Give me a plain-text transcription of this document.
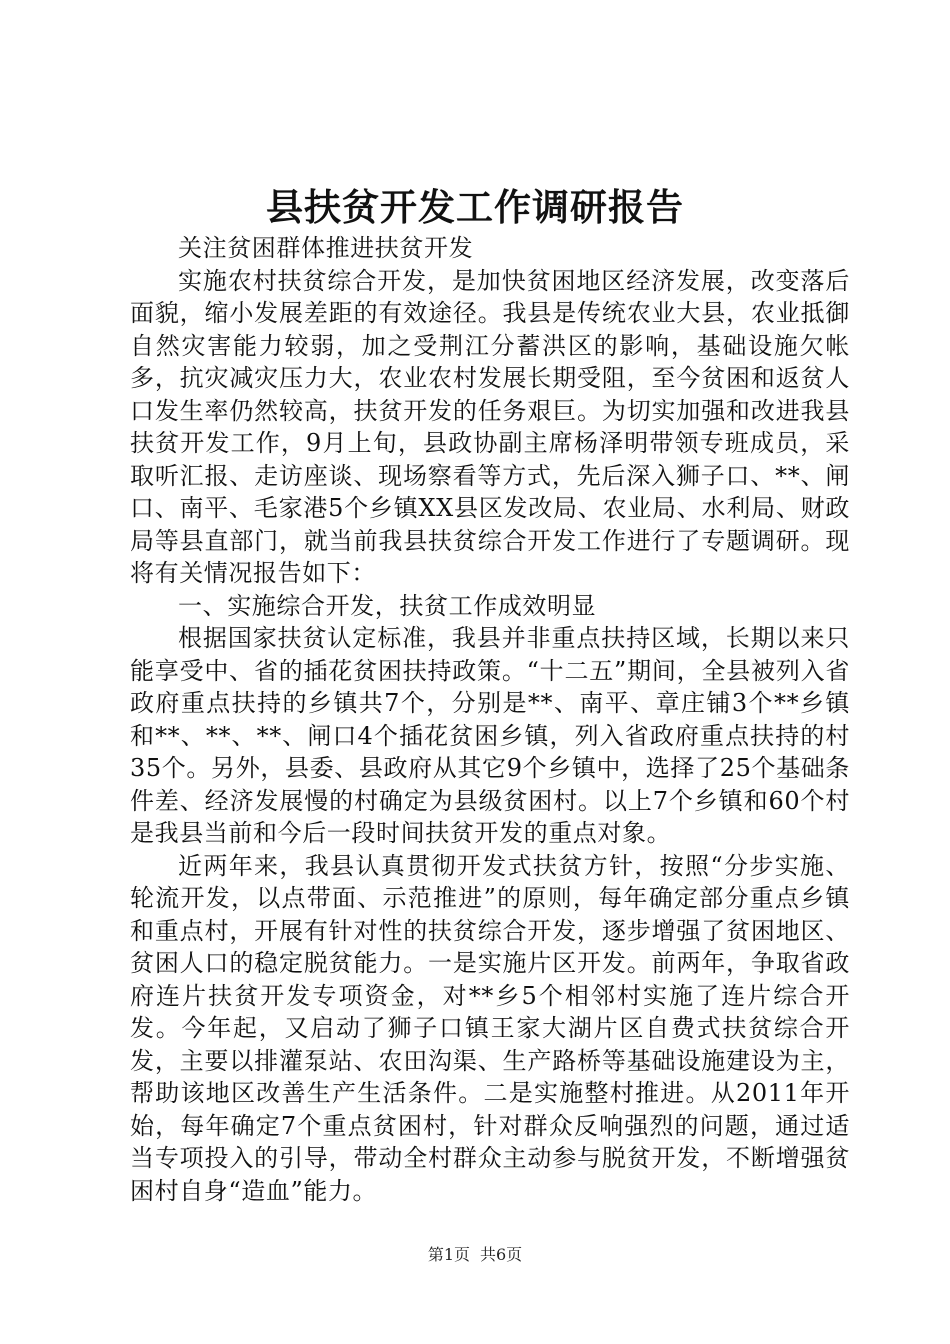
县扶贫开发工作调研报告

关注贫困群体推进扶贫开发

实施农村扶贫综合开发，是加快贫困地区经济发展，改变落后面貌，缩小发展差距的有效途径。我县是传统农业大县，农业抵御自然灾害能力较弱，加之受荆江分蓄洪区的影响，基础设施欠帐多，抗灾减灾压力大，农业农村发展长期受阻，至今贫困和返贫人口发生率仍然较高，扶贫开发的任务艰巨。为切实加强和改进我县扶贫开发工作，9月上旬，县政协副主席杨泽明带领专班成员，采取听汇报、走访座谈、现场察看等方式，先后深入狮子口、**、闸口、南平、毛家港5个乡镇XX县区发改局、农业局、水利局、财政局等县直部门，就当前我县扶贫综合开发工作进行了专题调研。现将有关情况报告如下：

一、实施综合开发，扶贫工作成效明显

根据国家扶贫认定标准，我县并非重点扶持区域，长期以来只能享受中、省的插花贫困扶持政策。“十二五”期间，全县被列入省政府重点扶持的乡镇共7个，分别是**、南平、章庄铺3个**乡镇和**、**、**、闸口4个插花贫困乡镇，列入省政府重点扶持的村35个。另外，县委、县政府从其它9个乡镇中，选择了25个基础条件差、经济发展慢的村确定为县级贫困村。以上7个乡镇和60个村是我县当前和今后一段时间扶贫开发的重点对象。

近两年来，我县认真贯彻开发式扶贫方针，按照“分步实施、轮流开发，以点带面、示范推进”的原则，每年确定部分重点乡镇和重点村，开展有针对性的扶贫综合开发，逐步增强了贫困地区、贫困人口的稳定脱贫能力。一是实施片区开发。前两年，争取省政府连片扶贫开发专项资金，对**乡5个相邻村实施了连片综合开发。今年起，又启动了狮子口镇王家大湖片区自费式扶贫综合开发，主要以排灌泵站、农田沟渠、生产路桥等基础设施建设为主，帮助该地区改善生产生活条件。二是实施整村推进。从2011年开始，每年确定7个重点贫困村，针对群众反响强烈的问题，通过适当专项投入的引导，带动全村群众主动参与脱贫开发，不断增强贫困村自身“造血”能力。

第1页 共6页
